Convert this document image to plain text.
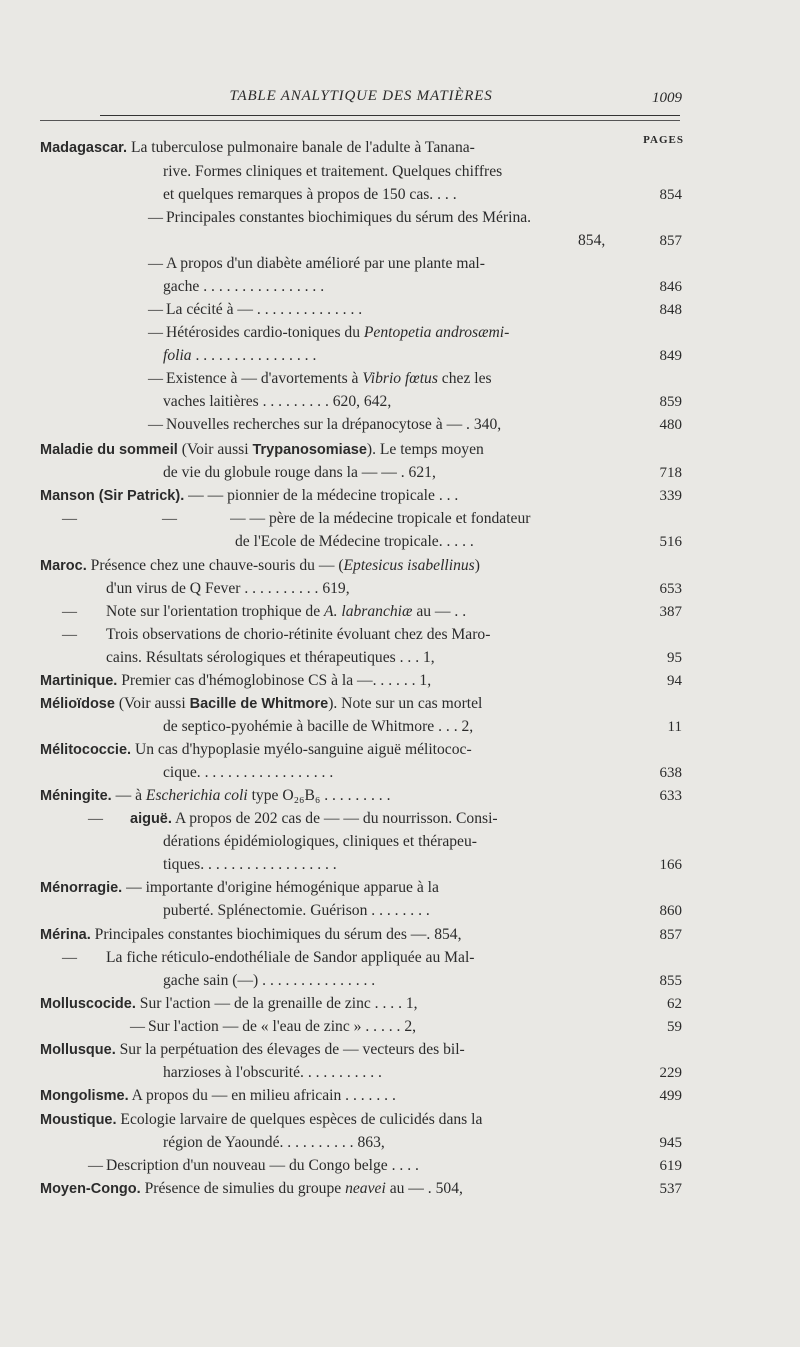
TABLE ANALYTIQUE DES MATIÈRES	1009
PAGES
Madagascar. La tuberculose pulmonaire banale de l'adulte à Tanana-
rive. Formes cliniques et traitement. Quelques chiffres
et quelques remarques à propos de 150 cas. . . .	854
— Principales constantes biochimiques du sérum des Mérina.
854,	857
— A propos d'un diabète amélioré par une plante mal-
gache . . . . . . . . . . . . . . . .	846
— La cécité à — . . . . . . . . . . . . . .	848
— Hétérosides cardio-toniques du Pentopetia androsæmi-
folia . . . . . . . . . . . . . . . .	849
— Existence à — d'avortements à Vibrio fœtus chez les
vaches laitières . . . . . . . . . 620, 642,	859
— Nouvelles recherches sur la drépanocytose à — . 340,	480
Maladie du sommeil (Voir aussi Trypanosomiase). Le temps moyen
de vie du globule rouge dans la — — . 621,	718
Manson (Sir Patrick). — — pionnier de la médecine tropicale . . .	339
—	—	— — père de la médecine tropicale et fondateur
de l'Ecole de Médecine tropicale. . . . .	516
Maroc. Présence chez une chauve-souris du — (Eptesicus isabellinus)
d'un virus de Q Fever . . . . . . . . . . 619,	653
— Note sur l'orientation trophique de A. labranchiæ au — . .	387
— Trois observations de chorio-rétinite évoluant chez des Maro-
cains. Résultats sérologiques et thérapeutiques . . . 1,	95
Martinique. Premier cas d'hémoglobinose CS à la —. . . . . . 1,	94
Mélioïdose (Voir aussi Bacille de Whitmore). Note sur un cas mortel
de septico-pyohémie à bacille de Whitmore . . . 2,	11
Mélitococcie. Un cas d'hypoplasie myélo-sanguine aiguë mélitococ-
cique. . . . . . . . . . . . . . . . . .	638
Méningite. — à Escherichia coli type O₂₆B₆ . . . . . . . . .	633
— aiguë. A propos de 202 cas de — — du nourrisson. Consi-
dérations épidémiologiques, cliniques et thérapeu-
tiques. . . . . . . . . . . . . . . . . .	166
Ménorragie. — importante d'origine hémogénique apparue à la
puberté. Splénectomie. Guérison . . . . . . . .	860
Mérina. Principales constantes biochimiques du sérum des —. 854,	857
— La fiche réticulo-endothéliale de Sandor appliquée au Mal-
gache sain (—) . . . . . . . . . . . . . . .	855
Molluscocide. Sur l'action — de la grenaille de zinc . . . . 1,	62
— Sur l'action — de « l'eau de zinc » . . . . . 2,	59
Mollusque. Sur la perpétuation des élevages de — vecteurs des bil-
harzioses à l'obscurité. . . . . . . . . . .	229
Mongolisme. A propos du — en milieu africain . . . . . . .	499
Moustique. Ecologie larvaire de quelques espèces de culicidés dans la
région de Yaoundé. . . . . . . . . . 863,	945
— Description d'un nouveau — du Congo belge . . . .	619
Moyen-Congo. Présence de simulies du groupe neavei au — . 504,	537
